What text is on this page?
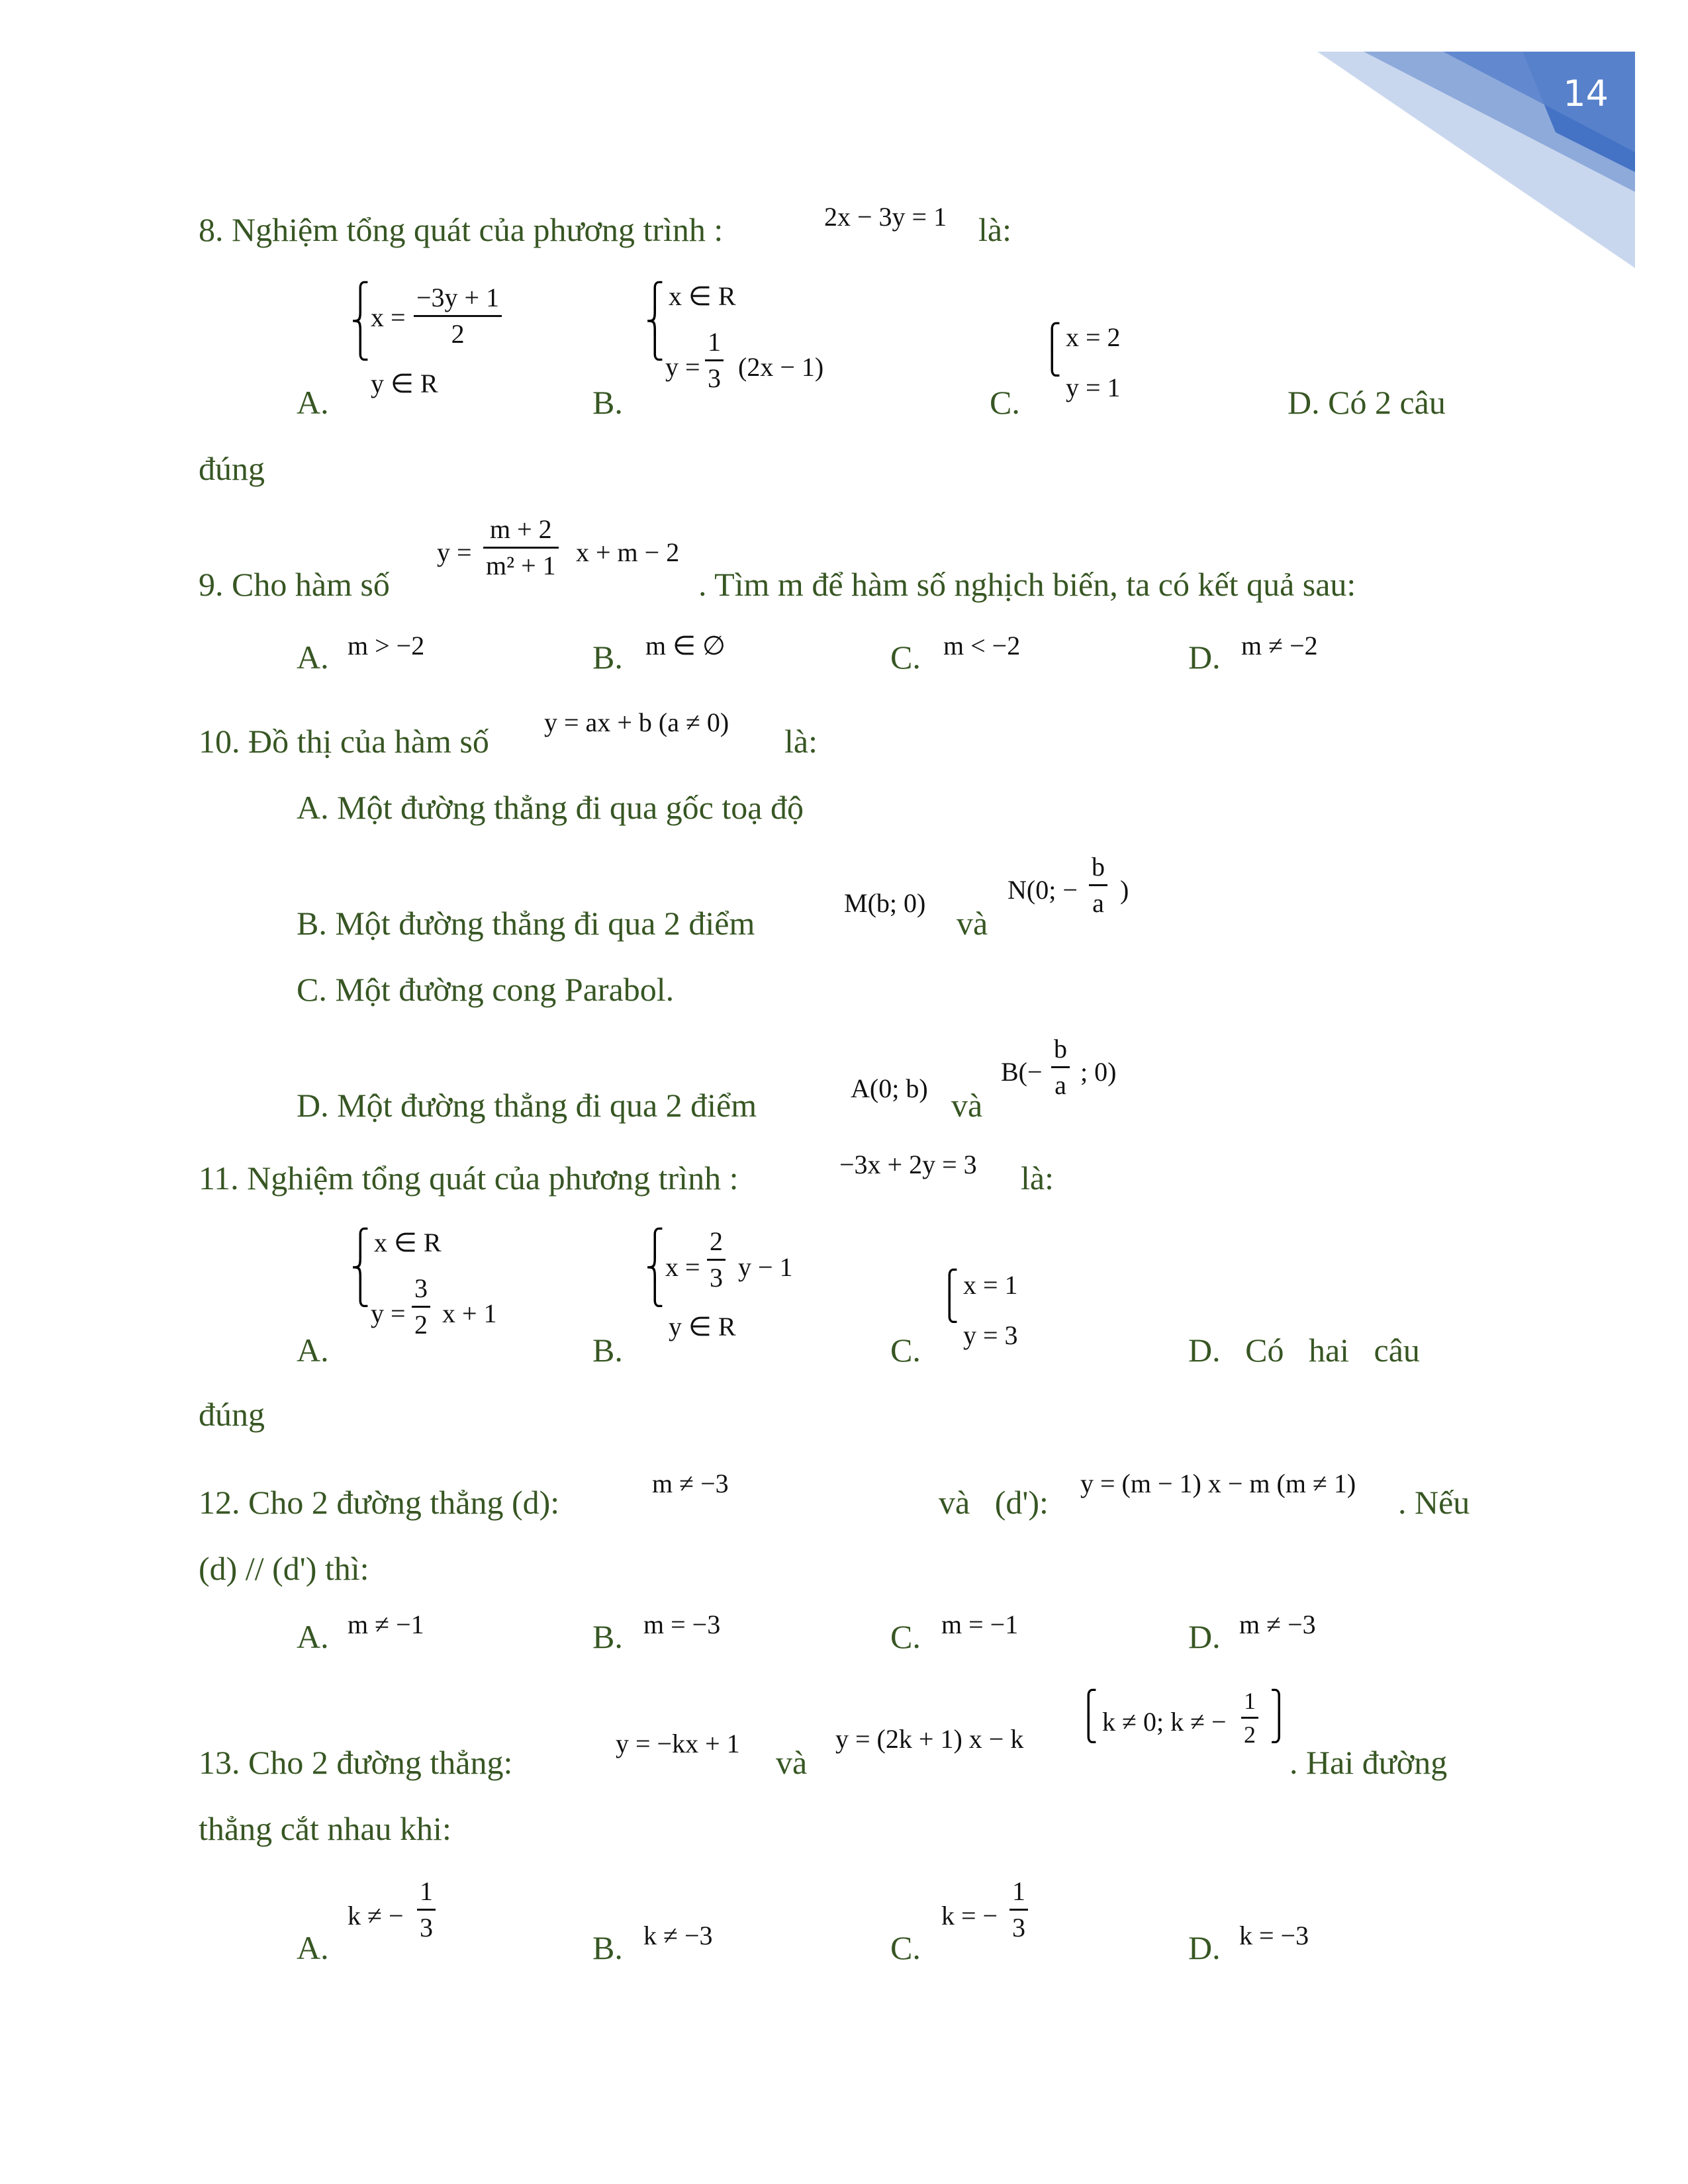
14
8. Nghiệm tổng quát của phương trình :	2x − 3y = 1 là:
A.
⎧
⎨
⎩
x =
−3y + 1
2
y ∈ R
B.
⎧
⎨
⎩
x ∈ R
y =
1
3 (2x − 1)
C.
⎧
⎩
x = 2
y = 1	D. Có 2 câu
đúng
9. Cho hàm số
y =
m + 2
m² + 1 x + m − 2
. Tìm m để hàm số nghịch biến, ta có kết quả sau:
A. m > −2	B. m ∈ ∅	C. m < −2	D. m ≠ −2
10. Đồ thị của hàm số
y = ax + b (a ≠ 0)
là:
A. Một đường thẳng đi qua gốc toạ độ
B. Một đường thẳng đi qua 2 điểm
M(b; 0)
và
N(0; −
b
a )
C. Một đường cong Parabol.
D. Một đường thẳng đi qua 2 điểm	A(0; b) và
B(−
b
a ; 0)
11. Nghiệm tổng quát của phương trình :	−3x + 2y = 3 là:
A.
⎧
⎨
⎩
x ∈ R
y =
3
2 x + 1
B.
⎧
⎨
⎩
x =
2
3 y − 1
y ∈ R
C.
⎧
⎩
x = 1
y = 3	D.   Có   hai   câu
đúng
12. Cho 2 đường thẳng (d):
m ≠ −3
và   (d'):
y = (m − 1) x − m (m ≠ 1)
. Nếu
(d) // (d') thì:
A. m ≠ −1	B. m = −3	C. m = −1	D. m ≠ −3
13. Cho 2 đường thẳng:
y = −kx + 1
và
y = (2k + 1) x − k
⎧
⎩ k ≠ 0; k ≠ −
1
2
⎫
⎭
. Hai đường
thẳng cắt nhau khi:
A.
k ≠ −
1
3
B. k ≠ −3	C.
k = −
1
3
D. k = −3
